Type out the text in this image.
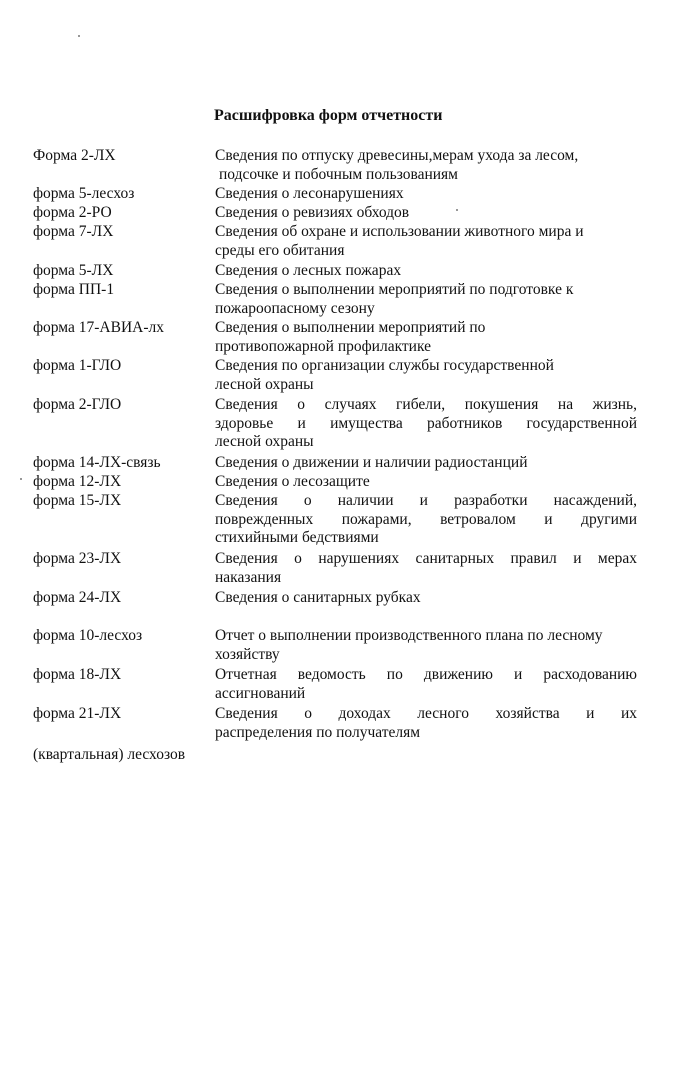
Расшифровка форм отчетности
Форма 2-ЛХ	Сведения по отпуску древесины,мерам ухода за лесом,
подсочке и побочным пользованиям
форма 5-лесхоз	Сведения о лесонарушениях
форма 2-РО	Сведения о ревизиях обходов
форма 7-ЛХ	Сведения об охране и использовании животного мира и
среды его обитания
форма 5-ЛХ	Сведения о лесных пожарах
форма ПП-1	Сведения о выполнении мероприятий по подготовке к
пожароопасному сезону
форма 17-АВИА-лх	Сведения о выполнении мероприятий по
противопожарной профилактике
форма 1-ГЛО	Сведения по организации службы государственной
лесной охраны
форма 2-ГЛО	Сведения о случаях гибели, покушения на жизнь,
здоровье и имущества работников государственной
лесной охраны
форма 14-ЛХ-связь	Сведения о движении и наличии радиостанций
форма 12-ЛХ	Сведения о лесозащите
форма 15-ЛХ	Сведения о наличии и разработки насаждений,
поврежденных пожарами, ветровалом и другими
стихийными бедствиями
форма 23-ЛХ	Сведения о нарушениях санитарных правил и мерах
наказания
форма 24-ЛХ	Сведения о санитарных рубках
форма 10-лесхоз	Отчет о выполнении производственного плана по лесному
хозяйству
форма 18-ЛХ	Отчетная ведомость по движению и расходованию
ассигнований
форма 21-ЛХ	Сведения о доходах лесного хозяйства и их
распределения по получателям
(квартальная) лесхозов
